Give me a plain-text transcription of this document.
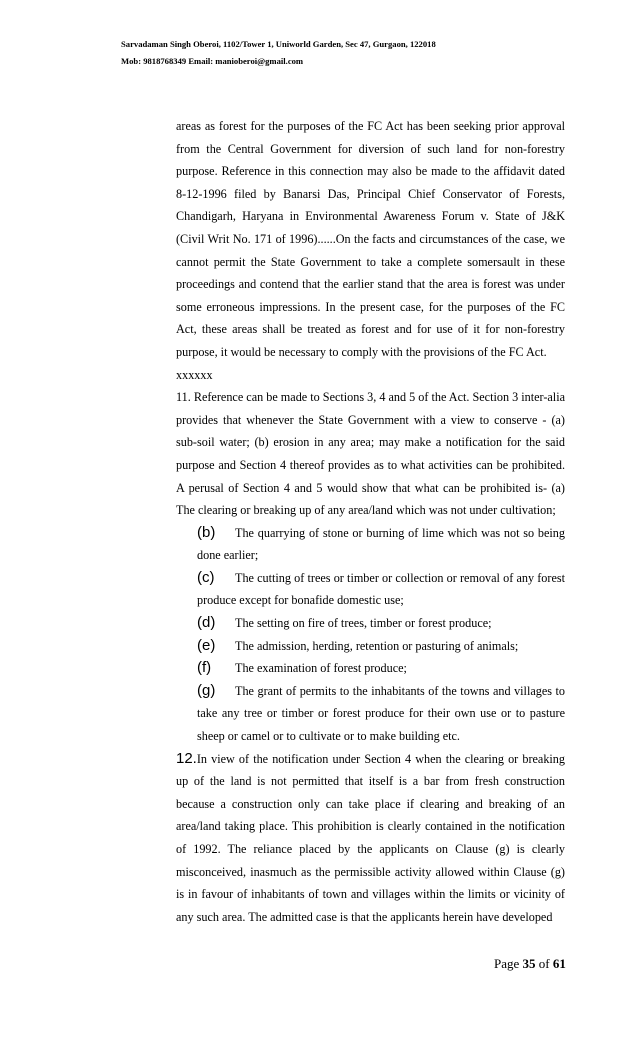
Sarvadaman Singh Oberoi, 1102/Tower 1, Uniworld Garden, Sec 47, Gurgaon, 122018
Mob: 9818768349 Email: manioberoi@gmail.com

areas as forest for the purposes of the FC Act has been seeking prior approval from the Central Government for diversion of such land for non-forestry purpose. Reference in this connection may also be made to the affidavit dated 8-12-1996 filed by Banarsi Das, Principal Chief Conservator of Forests, Chandigarh, Haryana in Environmental Awareness Forum v. State of J&K (Civil Writ No. 171 of 1996)......On the facts and circumstances of the case, we cannot permit the State Government to take a complete somersault in these proceedings and contend that the earlier stand that the area is forest was under some erroneous impressions. In the present case, for the purposes of the FC Act, these areas shall be treated as forest and for use of it for non-forestry purpose, it would be necessary to comply with the provisions of the FC Act.

xxxxxx

11. Reference can be made to Sections 3, 4 and 5 of the Act. Section 3 inter-alia provides that whenever the State Government with a view to conserve - (a) sub-soil water; (b) erosion in any area; may make a notification for the said purpose and Section 4 thereof provides as to what activities can be prohibited. A perusal of Section 4 and 5 would show that what can be prohibited is- (a) The clearing or breaking up of any area/land which was not under cultivation;

(b) The quarrying of stone or burning of lime which was not so being done earlier;

(c) The cutting of trees or timber or collection or removal of any forest produce except for bonafide domestic use;

(d) The setting on fire of trees, timber or forest produce;

(e) The admission, herding, retention or pasturing of animals;

(f) The examination of forest produce;

(g) The grant of permits to the inhabitants of the towns and villages to take any tree or timber or forest produce for their own use or to pasture sheep or camel or to cultivate or to make building etc.

12.In view of the notification under Section 4 when the clearing or breaking up of the land is not permitted that itself is a bar from fresh construction because a construction only can take place if clearing and breaking of an area/land taking place. This prohibition is clearly contained in the notification of 1992. The reliance placed by the applicants on Clause (g) is clearly misconceived, inasmuch as the permissible activity allowed within Clause (g) is in favour of inhabitants of town and villages within the limits or vicinity of any such area. The admitted case is that the applicants herein have developed

Page 35 of 61
